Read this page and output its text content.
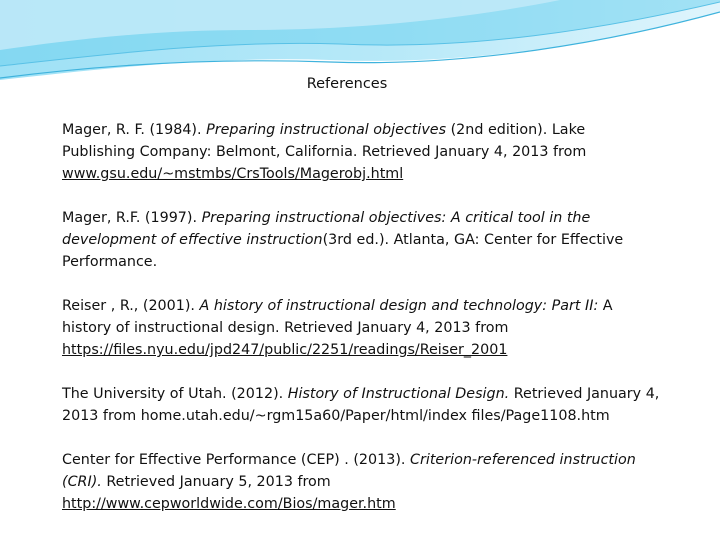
References

Mager, R. F. (1984). Preparing instructional objectives (2nd edition). Lake Publishing Company: Belmont, California. Retrieved January 4, 2013 from
www.gsu.edu/~mstmbs/CrsTools/Magerobj.html

Mager, R.F. (1997). Preparing instructional objectives: A critical tool in the development of effective instruction(3rd ed.). Atlanta, GA: Center for Effective Performance.

Reiser , R., (2001). A history of instructional design and technology: Part II: A history of instructional design. Retrieved January 4, 2013 from
https://files.nyu.edu/jpd247/public/2251/readings/Reiser_2001

The University of Utah. (2012). History of Instructional Design. Retrieved January 4, 2013 from home.utah.edu/~rgm15a60/Paper/html/index files/Page1108.htm

Center for Effective Performance (CEP) . (2013). Criterion-referenced instruction (CRI). Retrieved January 5, 2013 from
http://www.cepworldwide.com/Bios/mager.htm
